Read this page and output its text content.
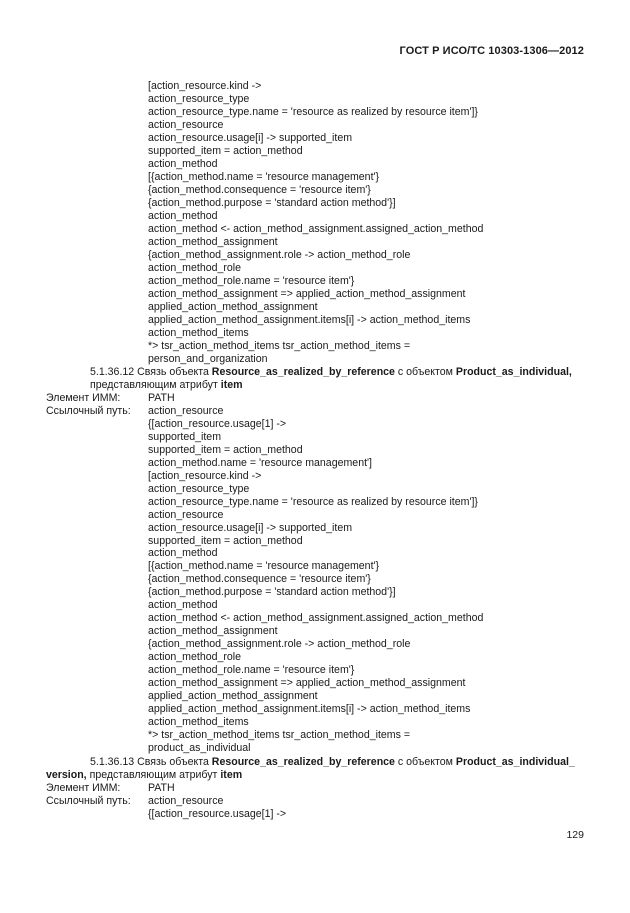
ГОСТ Р ИСО/ТС 10303-1306—2012
[action_resource.kind ->
action_resource_type
action_resource_type.name = 'resource as realized by resource item']}
action_resource
action_resource.usage[i] -> supported_item
supported_item = action_method
action_method
[{action_method.name = 'resource management'}
{action_method.consequence = 'resource item'}
{action_method.purpose = 'standard action method'}]
action_method
action_method <- action_method_assignment.assigned_action_method
action_method_assignment
{action_method_assignment.role -> action_method_role
action_method_role
action_method_role.name = 'resource item'}
action_method_assignment => applied_action_method_assignment
applied_action_method_assignment
applied_action_method_assignment.items[i] -> action_method_items
action_method_items
*> tsr_action_method_items tsr_action_method_items =
person_and_organization
5.1.36.12 Связь объекта Resource_as_realized_by_reference с объектом Product_as_individual, представляющим атрибут item
Элемент ИММ:	PATH
Ссылочный путь: action_resource
{[action_resource.usage[1] ->
supported_item
supported_item = action_method
action_method.name = 'resource management']
[action_resource.kind ->
action_resource_type
action_resource_type.name = 'resource as realized by resource item']}
action_resource
action_resource.usage[i] -> supported_item
supported_item = action_method
action_method
[{action_method.name = 'resource management'}
{action_method.consequence = 'resource item'}
{action_method.purpose = 'standard action method'}]
action_method
action_method <- action_method_assignment.assigned_action_method
action_method_assignment
{action_method_assignment.role -> action_method_role
action_method_role
action_method_role.name = 'resource item'}
action_method_assignment => applied_action_method_assignment
applied_action_method_assignment
applied_action_method_assignment.items[i] -> action_method_items
action_method_items
*> tsr_action_method_items tsr_action_method_items =
product_as_individual
5.1.36.13 Связь объекта Resource_as_realized_by_reference с объектом Product_as_individual_
version, представляющим атрибут item
Элемент ИММ:	PATH
Ссылочный путь: action_resource
{[action_resource.usage[1] ->
129
